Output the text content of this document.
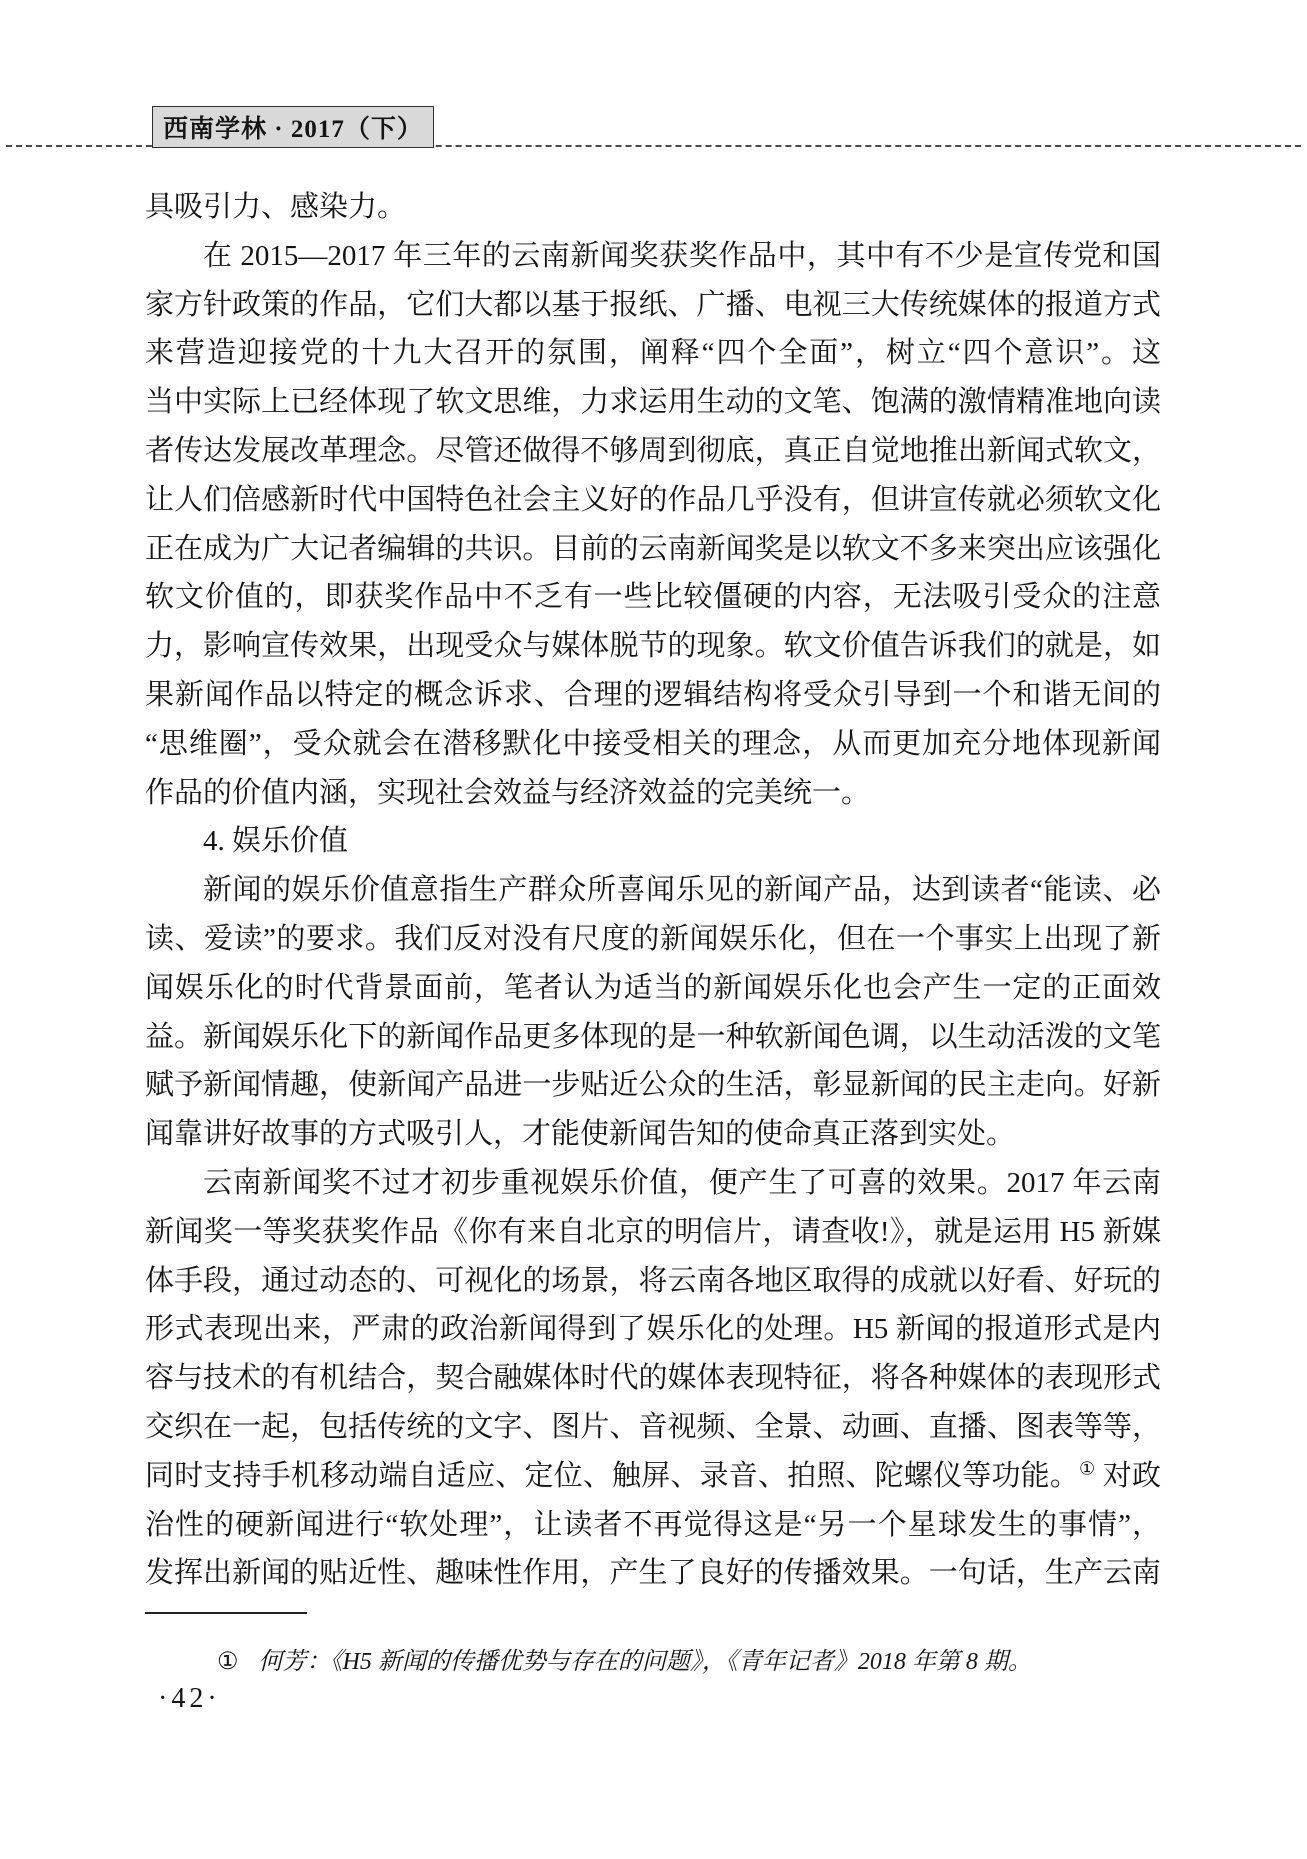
西南学林 · 2017（下）
具吸引力、感染力。
在 2015—2017 年三年的云南新闻奖获奖作品中，其中有不少是宣传党和国
家方针政策的作品，它们大都以基于报纸、广播、电视三大传统媒体的报道方式
来营造迎接党的十九大召开的氛围，阐释“四个全面”，树立“四个意识”。这
当中实际上已经体现了软文思维，力求运用生动的文笔、饱满的激情精准地向读
者传达发展改革理念。尽管还做得不够周到彻底，真正自觉地推出新闻式软文，
让人们倍感新时代中国特色社会主义好的作品几乎没有，但讲宣传就必须软文化
正在成为广大记者编辑的共识。目前的云南新闻奖是以软文不多来突出应该强化
软文价值的，即获奖作品中不乏有一些比较僵硬的内容，无法吸引受众的注意
力，影响宣传效果，出现受众与媒体脱节的现象。软文价值告诉我们的就是，如
果新闻作品以特定的概念诉求、合理的逻辑结构将受众引导到一个和谐无间的
“思维圈”，受众就会在潜移默化中接受相关的理念，从而更加充分地体现新闻
作品的价值内涵，实现社会效益与经济效益的完美统一。
4. 娱乐价值
新闻的娱乐价值意指生产群众所喜闻乐见的新闻产品，达到读者“能读、必
读、爱读”的要求。我们反对没有尺度的新闻娱乐化，但在一个事实上出现了新
闻娱乐化的时代背景面前，笔者认为适当的新闻娱乐化也会产生一定的正面效
益。新闻娱乐化下的新闻作品更多体现的是一种软新闻色调，以生动活泼的文笔
赋予新闻情趣，使新闻产品进一步贴近公众的生活，彰显新闻的民主走向。好新
闻靠讲好故事的方式吸引人，才能使新闻告知的使命真正落到实处。
云南新闻奖不过才初步重视娱乐价值，便产生了可喜的效果。2017 年云南
新闻奖一等奖获奖作品《你有来自北京的明信片，请查收!》，就是运用 H5 新媒
体手段，通过动态的、可视化的场景，将云南各地区取得的成就以好看、好玩的
形式表现出来，严肃的政治新闻得到了娱乐化的处理。H5 新闻的报道形式是内
容与技术的有机结合，契合融媒体时代的媒体表现特征，将各种媒体的表现形式
交织在一起，包括传统的文字、图片、音视频、全景、动画、直播、图表等等，
同时支持手机移动端自适应、定位、触屏、录音、拍照、陀螺仪等功能。① 对政
治性的硬新闻进行“软处理”，让读者不再觉得这是“另一个星球发生的事情”，
发挥出新闻的贴近性、趣味性作用，产生了良好的传播效果。一句话，生产云南
① 何芳：《H5 新闻的传播优势与存在的问题》，《青年记者》2018 年第 8 期。
·42·
